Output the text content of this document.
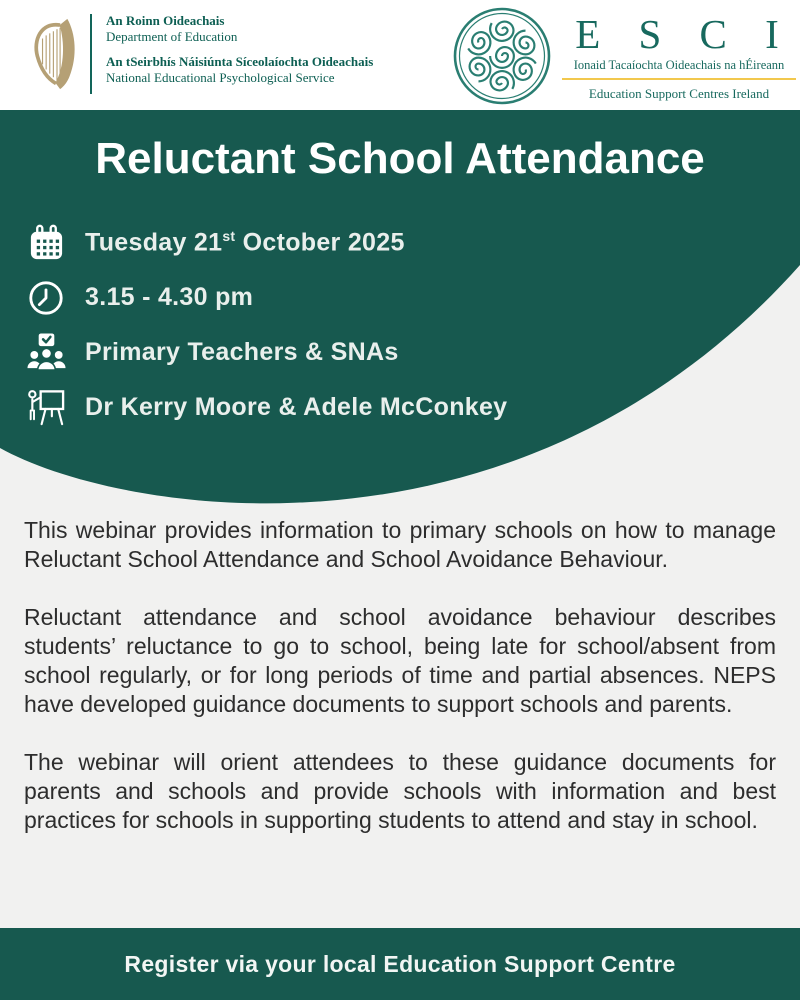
An Roinn Oideachais
Department of Education
An tSeirbhís Náisiúnta Síceolaíochta Oideachais
National Educational Psychological Service
E S C I
Ionaid Tacaíochta Oideachais na hÉireann
Education Support Centres Ireland
Reluctant School Attendance
Tuesday 21st October 2025
3.15 - 4.30 pm
Primary Teachers & SNAs
Dr Kerry Moore & Adele McConkey

This webinar provides information to primary schools on how to manage Reluctant School Attendance and School Avoidance Behaviour.

Reluctant attendance and school avoidance behaviour describes students’ reluctance to go to school, being late for school/absent from school regularly, or for long periods of time and partial absences. NEPS have developed guidance documents to support schools and parents.

The webinar will orient attendees to these guidance documents for parents and schools and provide schools with information and best practices for schools in supporting students to attend and stay in school.

Register via your local Education Support Centre
